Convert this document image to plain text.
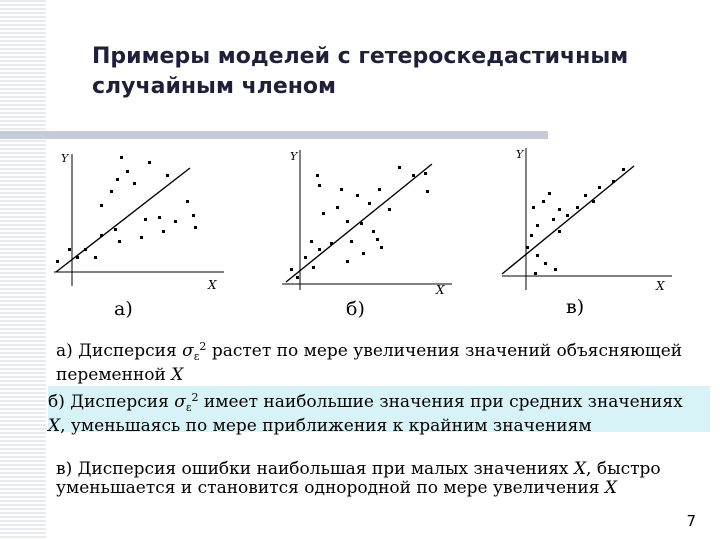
Примеры моделей с гетероскедастичным
случайным членом
Y
X
а)
Y
X
б)
Y
X
в)
а) Дисперсия $\sigma_\varepsilon^2$ растет по мере увеличения значений объясняющей
переменной X
б) Дисперсия $\sigma_\varepsilon^2$ имеет наибольшие значения при средних значениях
X, уменьшаясь по мере приближения к крайним значениям
в) Дисперсия ошибки наибольшая при малых значениях X, быстро
уменьшается и становится однородной по мере увеличения X
7
